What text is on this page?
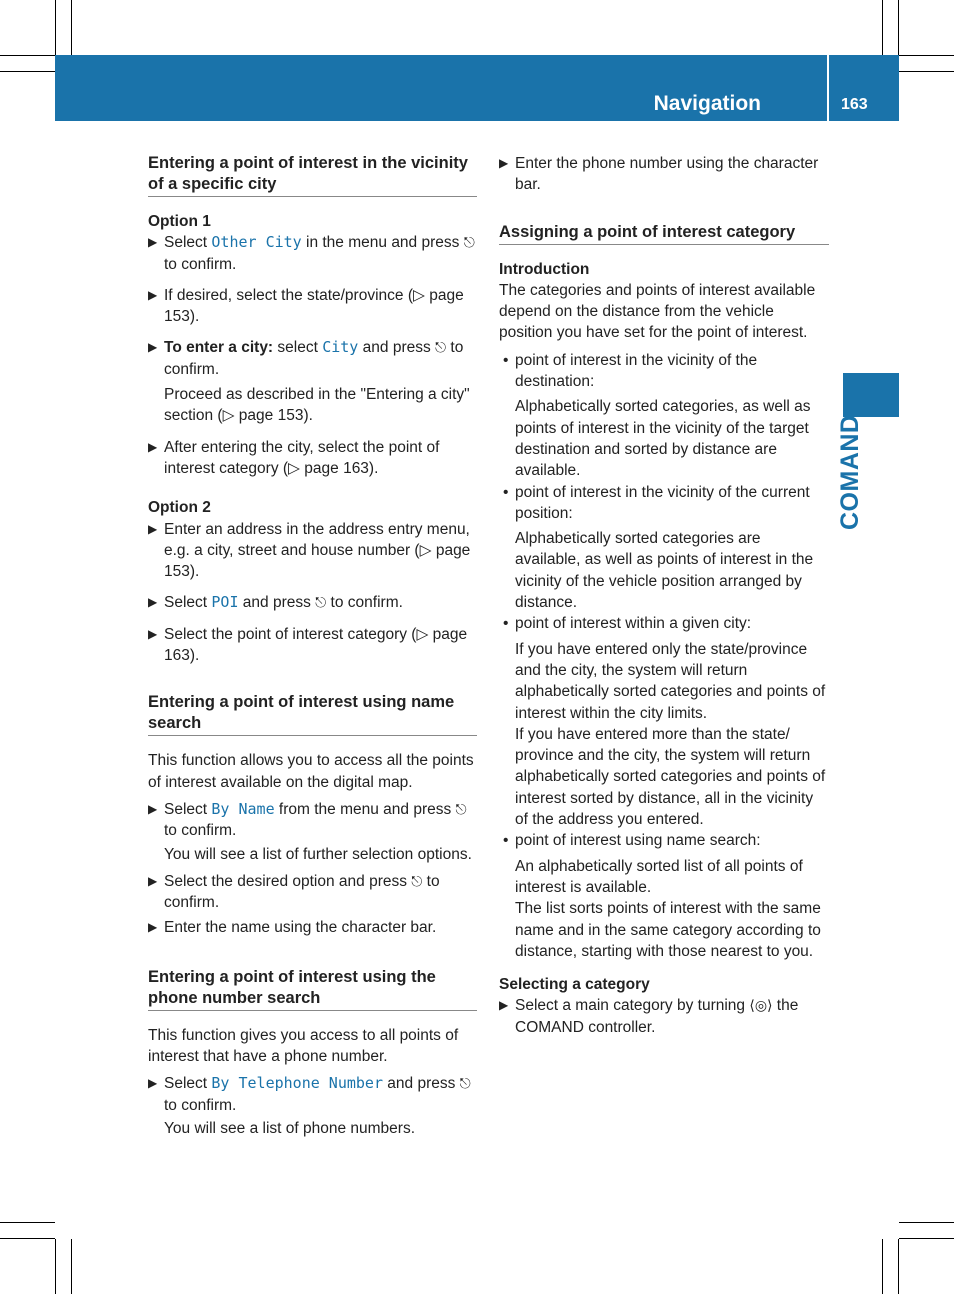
Navigation	163
COMAND
Entering a point of interest in the vicinity of a specific city

Option 1

▶ Select Other City in the menu and press ⎋ to confirm.
▶ If desired, select the state/province (▷ page 153).
▶ To enter a city: select City and press ⎋ to confirm.

Proceed as described in the "Entering a city" section (▷ page 153).

▶ After entering the city, select the point of interest category (▷ page 163).

Option 2

▶ Enter an address in the address entry menu, e.g. a city, street and house number (▷ page 153).
▶ Select POI and press ⎋ to confirm.
▶ Select the point of interest category (▷ page 163).
Entering a point of interest using name search

This function allows you to access all the points of interest available on the digital map.

▶ Select By Name from the menu and press ⎋ to confirm.

You will see a list of further selection options.

▶ Select the desired option and press ⎋ to confirm.
▶ Enter the name using the character bar.
Entering a point of interest using the phone number search

This function gives you access to all points of interest that have a phone number.

▶ Select By Telephone Number and press ⎋ to confirm.

You will see a list of phone numbers.

▶ Enter the phone number using the character bar.
Assigning a point of interest category

Introduction

The categories and points of interest available depend on the distance from the vehicle position you have set for the point of interest.

• point of interest in the vicinity of the destination:

Alphabetically sorted categories, as well as points of interest in the vicinity of the target destination and sorted by distance are available.

• point of interest in the vicinity of the current position:

Alphabetically sorted categories are available, as well as points of interest in the vicinity of the vehicle position arranged by distance.

• point of interest within a given city:

If you have entered only the state/province and the city, the system will return alphabetically sorted categories and points of interest within the city limits.

If you have entered more than the state/ province and the city, the system will return alphabetically sorted categories and points of interest sorted by distance, all in the vicinity of the address you entered.

• point of interest using name search:

An alphabetically sorted list of all points of interest is available.

The list sorts points of interest with the same name and in the same category according to distance, starting with those nearest to you.

Selecting a category

▶ Select a main category by turning ⟨◎⟩ the COMAND controller.
